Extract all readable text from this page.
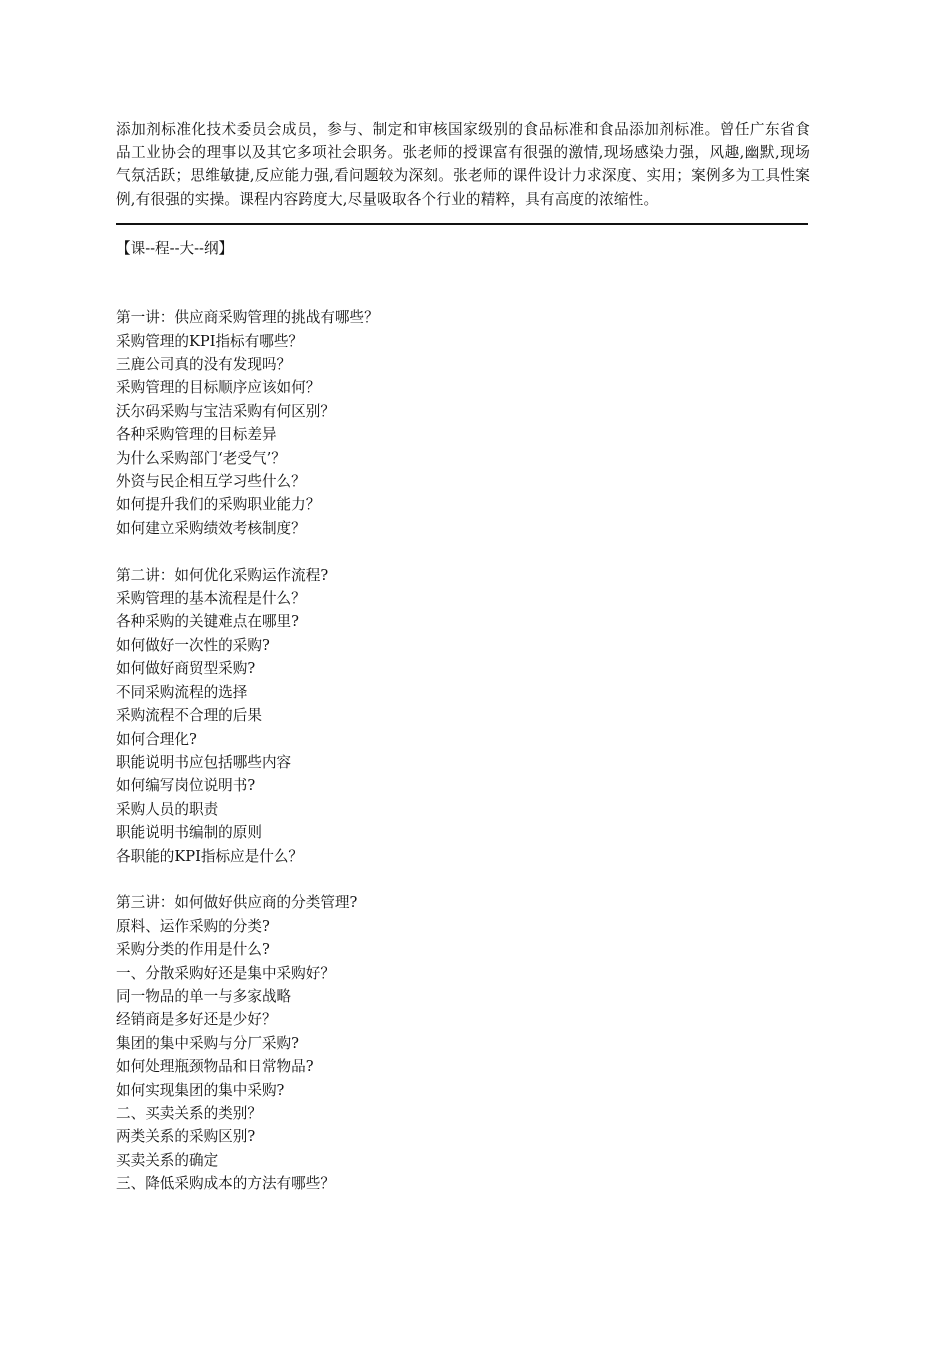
添加剂标准化技术委员会成员，参与、制定和审核国家级别的食品标准和食品添加剂标准。曾任广东省食品工业协会的理事以及其它多项社会职务。张老师的授课富有很强的激情,现场感染力强，风趣,幽默,现场气氛活跃；思维敏捷,反应能力强,看问题较为深刻。张老师的课件设计力求深度、实用；案例多为工具性案例,有很强的实操。课程内容跨度大,尽量吸取各个行业的精粹，具有高度的浓缩性。

【课--程--大--纲】
第一讲：供应商采购管理的挑战有哪些？
采购管理的KPI指标有哪些？
三鹿公司真的没有发现吗？
采购管理的目标顺序应该如何？
沃尔码采购与宝洁采购有何区别？
各种采购管理的目标差异
为什么采购部门‘老受气’？
外资与民企相互学习些什么？
如何提升我们的采购职业能力？
如何建立采购绩效考核制度？
第二讲：如何优化采购运作流程?
采购管理的基本流程是什么？
各种采购的关键难点在哪里?
如何做好一次性的采购?
如何做好商贸型采购?
不同采购流程的选择
采购流程不合理的后果
如何合理化?
职能说明书应包括哪些内容
如何编写岗位说明书?
采购人员的职责
职能说明书编制的原则
各职能的KPI指标应是什么？
第三讲：如何做好供应商的分类管理?
原料、运作采购的分类?
采购分类的作用是什么?
一、分散采购好还是集中采购好？
同一物品的单一与多家战略
经销商是多好还是少好？
集团的集中采购与分厂采购?
如何处理瓶颈物品和日常物品?
如何实现集团的集中采购?
二、买卖关系的类别？
两类关系的采购区别?
买卖关系的确定
三、降低采购成本的方法有哪些？
